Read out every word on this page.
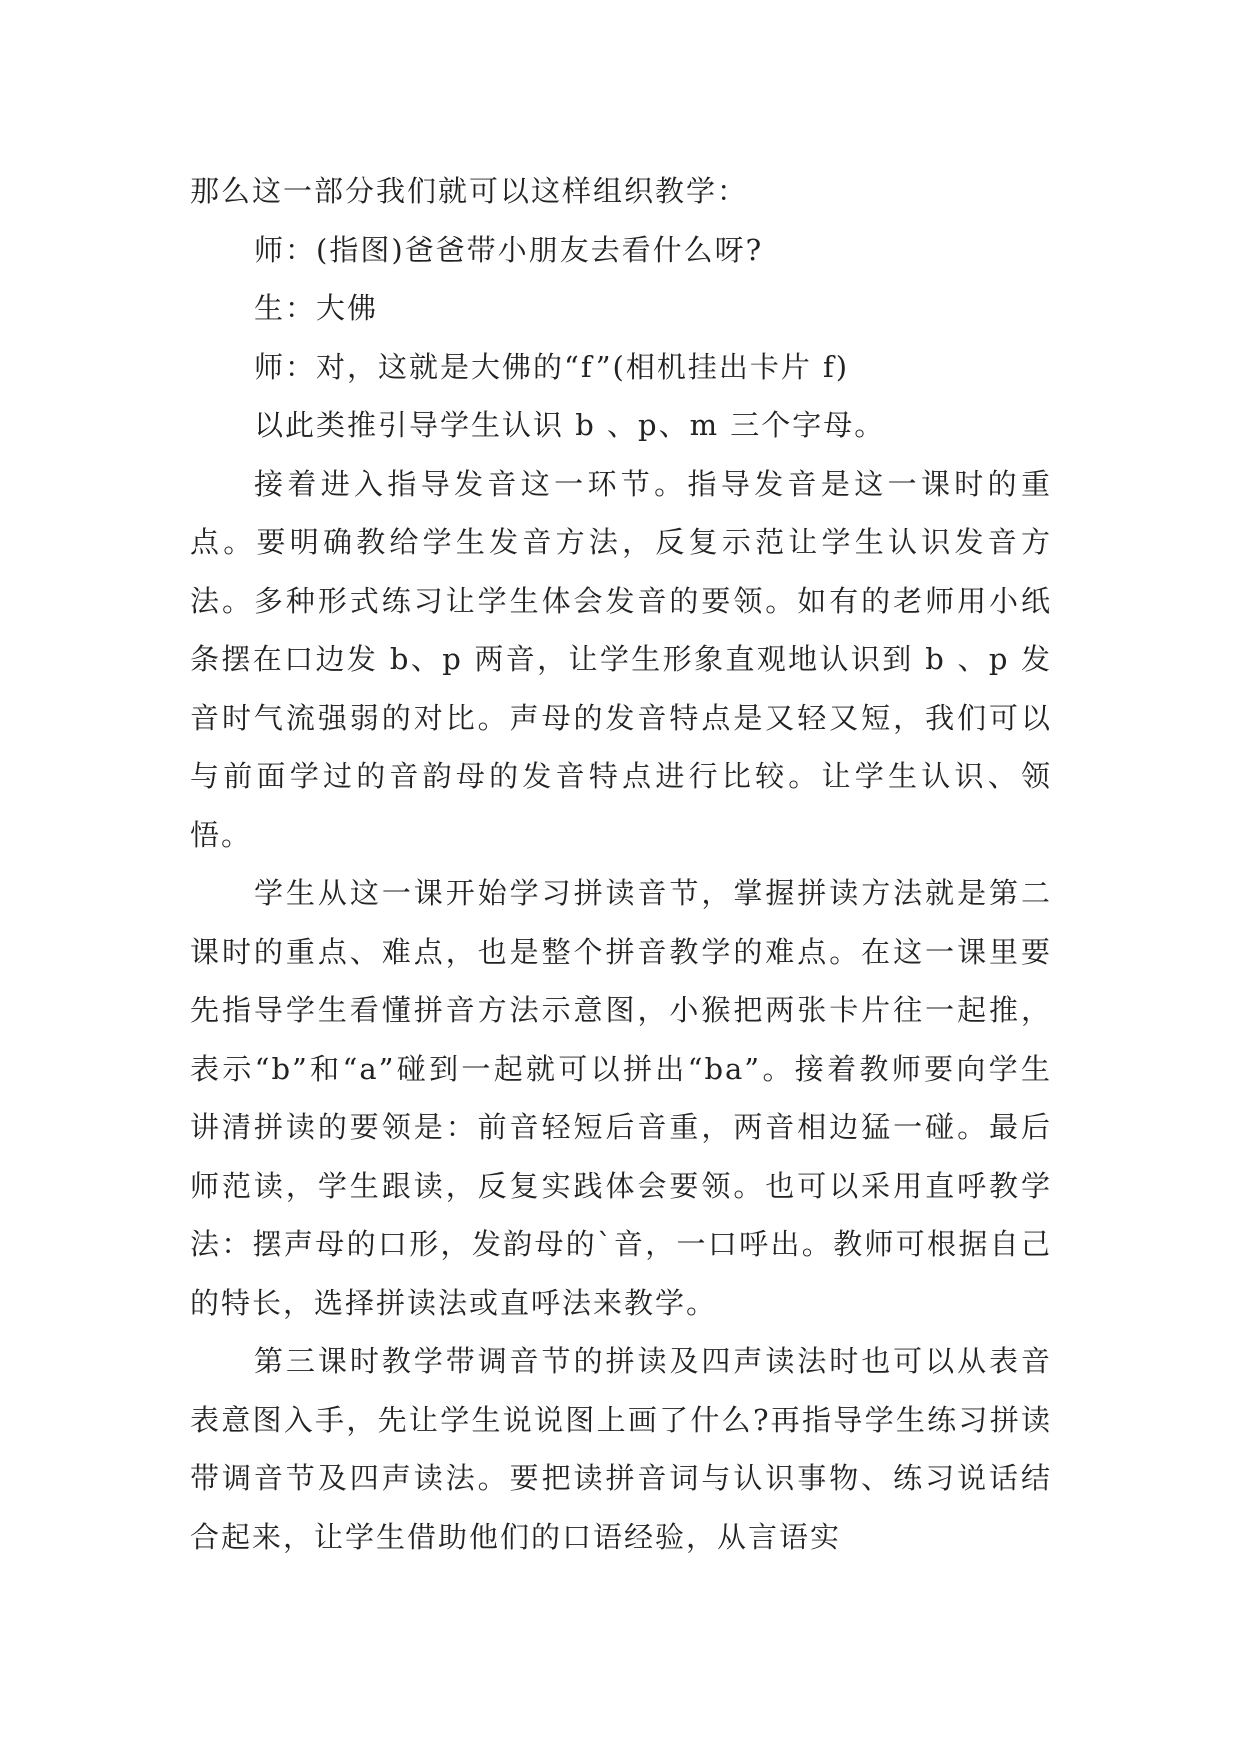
那么这一部分我们就可以这样组织教学：

师：(指图)爸爸带小朋友去看什么呀?

生：大佛

师：对，这就是大佛的“f”(相机挂出卡片 f)

以此类推引导学生认识 b 、p、m 三个字母。

接着进入指导发音这一环节。指导发音是这一课时的重点。要明确教给学生发音方法，反复示范让学生认识发音方法。多种形式练习让学生体会发音的要领。如有的老师用小纸条摆在口边发 b、p 两音，让学生形象直观地认识到 b 、p 发音时气流强弱的对比。声母的发音特点是又轻又短，我们可以与前面学过的音韵母的发音特点进行比较。让学生认识、领悟。

学生从这一课开始学习拼读音节，掌握拼读方法就是第二课时的重点、难点，也是整个拼音教学的难点。在这一课里要先指导学生看懂拼音方法示意图，小猴把两张卡片往一起推，表示“b”和“a”碰到一起就可以拼出“ba”。接着教师要向学生讲清拼读的要领是：前音轻短后音重，两音相边猛一碰。最后师范读，学生跟读，反复实践体会要领。也可以采用直呼教学法：摆声母的口形，发韵母的`音，一口呼出。教师可根据自己的特长，选择拼读法或直呼法来教学。

第三课时教学带调音节的拼读及四声读法时也可以从表音表意图入手，先让学生说说图上画了什么?再指导学生练习拼读带调音节及四声读法。要把读拼音词与认识事物、练习说话结合起来，让学生借助他们的口语经验，从言语实
